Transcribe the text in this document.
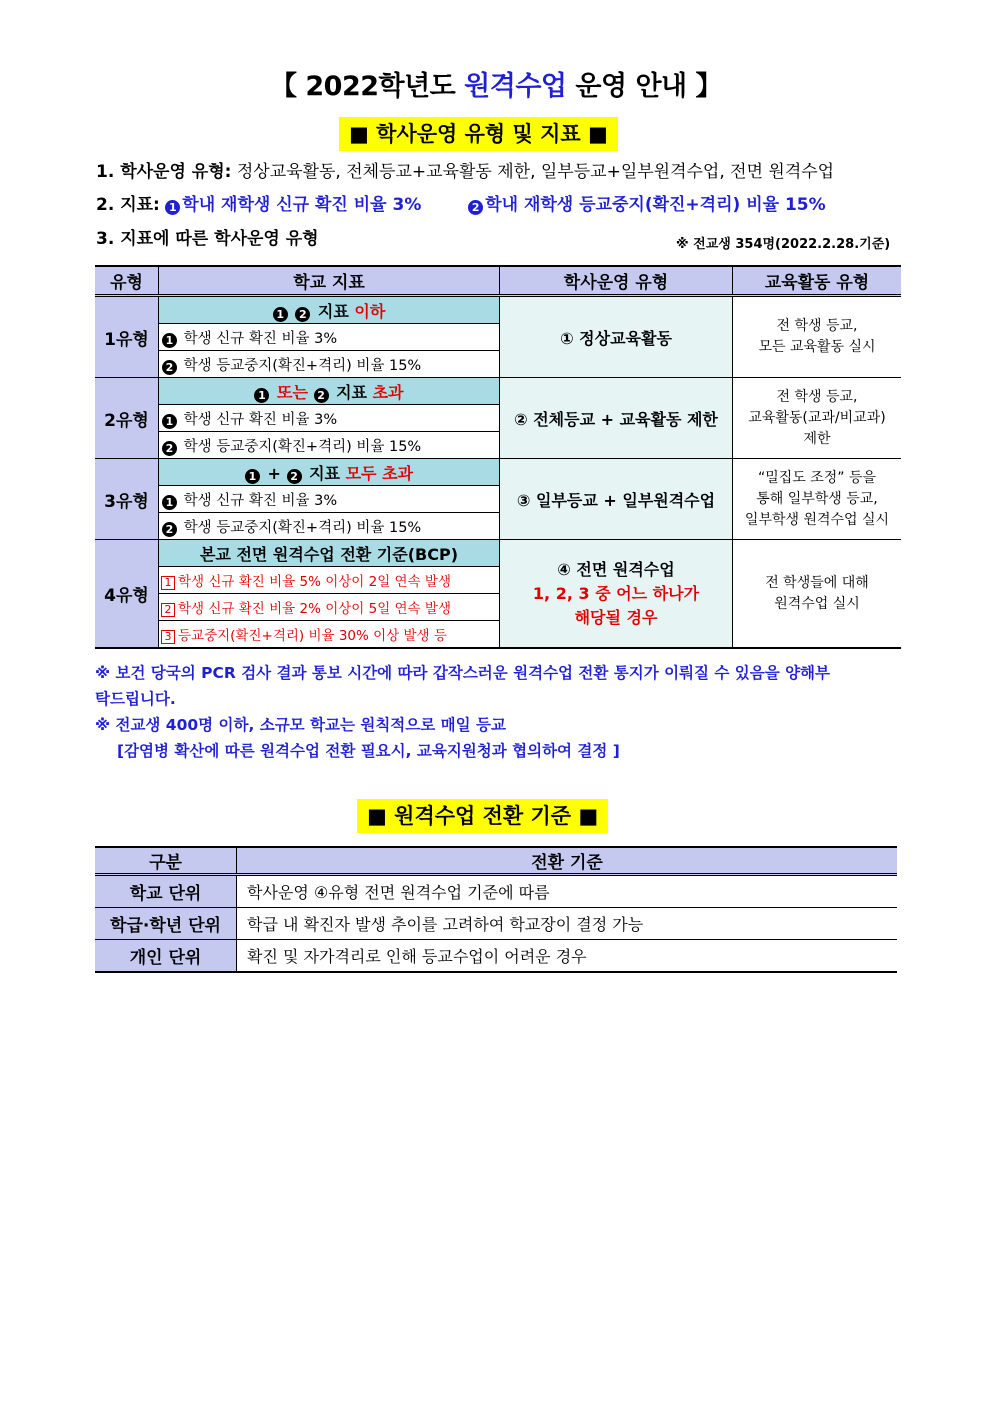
【 2022학년도 원격수업 운영 안내 】
■ 학사운영 유형 및 지표 ■
1. 학사운영 유형: 정상교육활동, 전체등교+교육활동 제한, 일부등교+일부원격수업, 전면 원격수업
2. 지표: 1 학내 재학생 신규 확진 비율 3%	2 학내 재학생 등교중지(확진+격리) 비율 15%
3. 지표에 따른 학사운영 유형	※ 전교생 354명(2022.2.28.기준)
유형	학교 지표	학사운영 유형	교육활동 유형
1유형	1 2 지표 이하	① 정상교육활동	전 학생 등교,
모든 교육활동 실시
	1 학생 신규 확진 비율 3%		
	2 학생 등교중지(확진+격리) 비율 15%		
2유형	1 또는 2 지표 초과	② 전체등교 + 교육활동 제한	전 학생 등교,
교육활동(교과/비교과)
제한
	1 학생 신규 확진 비율 3%		
	2 학생 등교중지(확진+격리) 비율 15%		
3유형	1 + 2 지표 모두 초과	③ 일부등교 + 일부원격수업	“밀집도 조정” 등을
통해 일부학생 등교,
일부학생 원격수업 실시
	1 학생 신규 확진 비율 3%		
	2 학생 등교중지(확진+격리) 비율 15%		
4유형	본교 전면 원격수업 전환 기준(BCP)	④ 전면 원격수업
1, 2, 3 중 어느 하나가
해당될 경우	전 학생들에 대해
원격수업 실시
	1 학생 신규 확진 비율 5% 이상이 2일 연속 발생		
	2 학생 신규 확진 비율 2% 이상이 5일 연속 발생		
	3 등교중지(확진+격리) 비율 30% 이상 발생 등		
※ 보건 당국의 PCR 검사 결과 통보 시간에 따라 갑작스러운 원격수업 전환 통지가 이뤄질 수 있음을 양해부
탁드립니다.
※ 전교생 400명 이하, 소규모 학교는 원칙적으로 매일 등교
[감염병 확산에 따른 원격수업 전환 필요시, 교육지원청과 협의하여 결정 ]
■ 원격수업 전환 기준 ■
구분	전환 기준
학교 단위	학사운영 ④유형 전면 원격수업 기준에 따름
학급·학년 단위	학급 내 확진자 발생 추이를 고려하여 학교장이 결정 가능
개인 단위	확진 및 자가격리로 인해 등교수업이 어려운 경우
